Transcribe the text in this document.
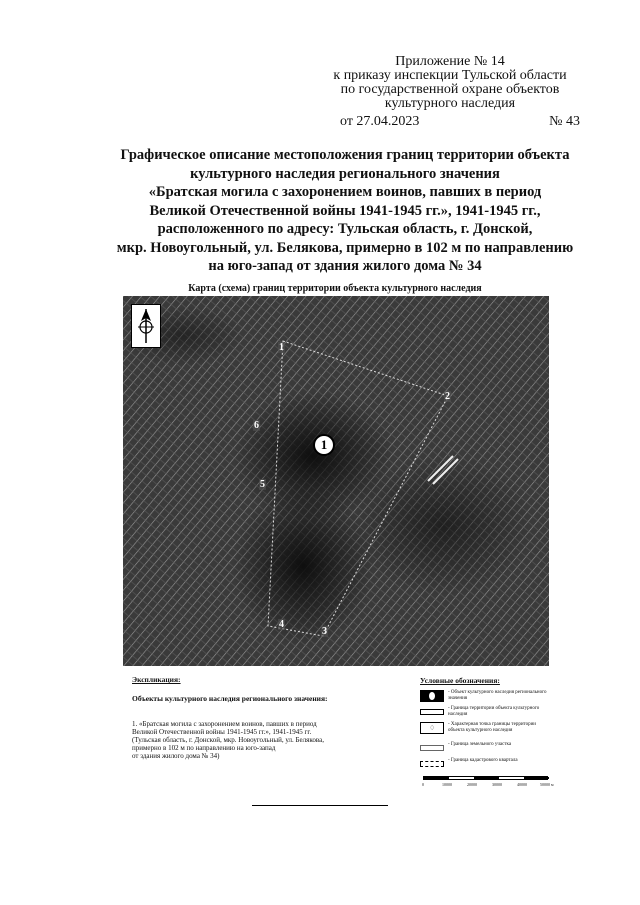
Приложение № 14
к приказу инспекции Тульской области
по государственной охране объектов
культурного наследия
от 27.04.2023	№ 43
Графическое описание местоположения границ территории объекта
культурного наследия регионального значения
«Братская могила с захоронением воинов, павших в период
Великой Отечественной войны 1941-1945 гг.», 1941-1945 гг.,
расположенного по адресу: Тульская область, г. Донской,
мкр. Новоугольный, ул. Белякова, примерно в 102 м по направлению
на юго-запад от здания жилого дома № 34
Карта (схема) границ территории объекта культурного наследия
1
2
3
4
5
6
1
Экспликация:
Объекты культурного наследия регионального значения:
1. «Братская могила с захоронением воинов, павших в период
Великой Отечественной войны 1941-1945 гг.», 1941-1945 гг.
(Тульская область, г. Донской, мкр. Новоугольный, ул. Белякова,
примерно в 102 м по направлению на юго-запад
от здания жилого дома № 34)
Условные обозначения:
- Объект культурного наследия регионального значения
- Граница территории объекта культурного наследия
♢	- Характерная точка границы территории объекта культурного наследия
- Граница земельного участка
- Граница кадастрового квартала
0	10000	20000	30000	40000	50000 м
